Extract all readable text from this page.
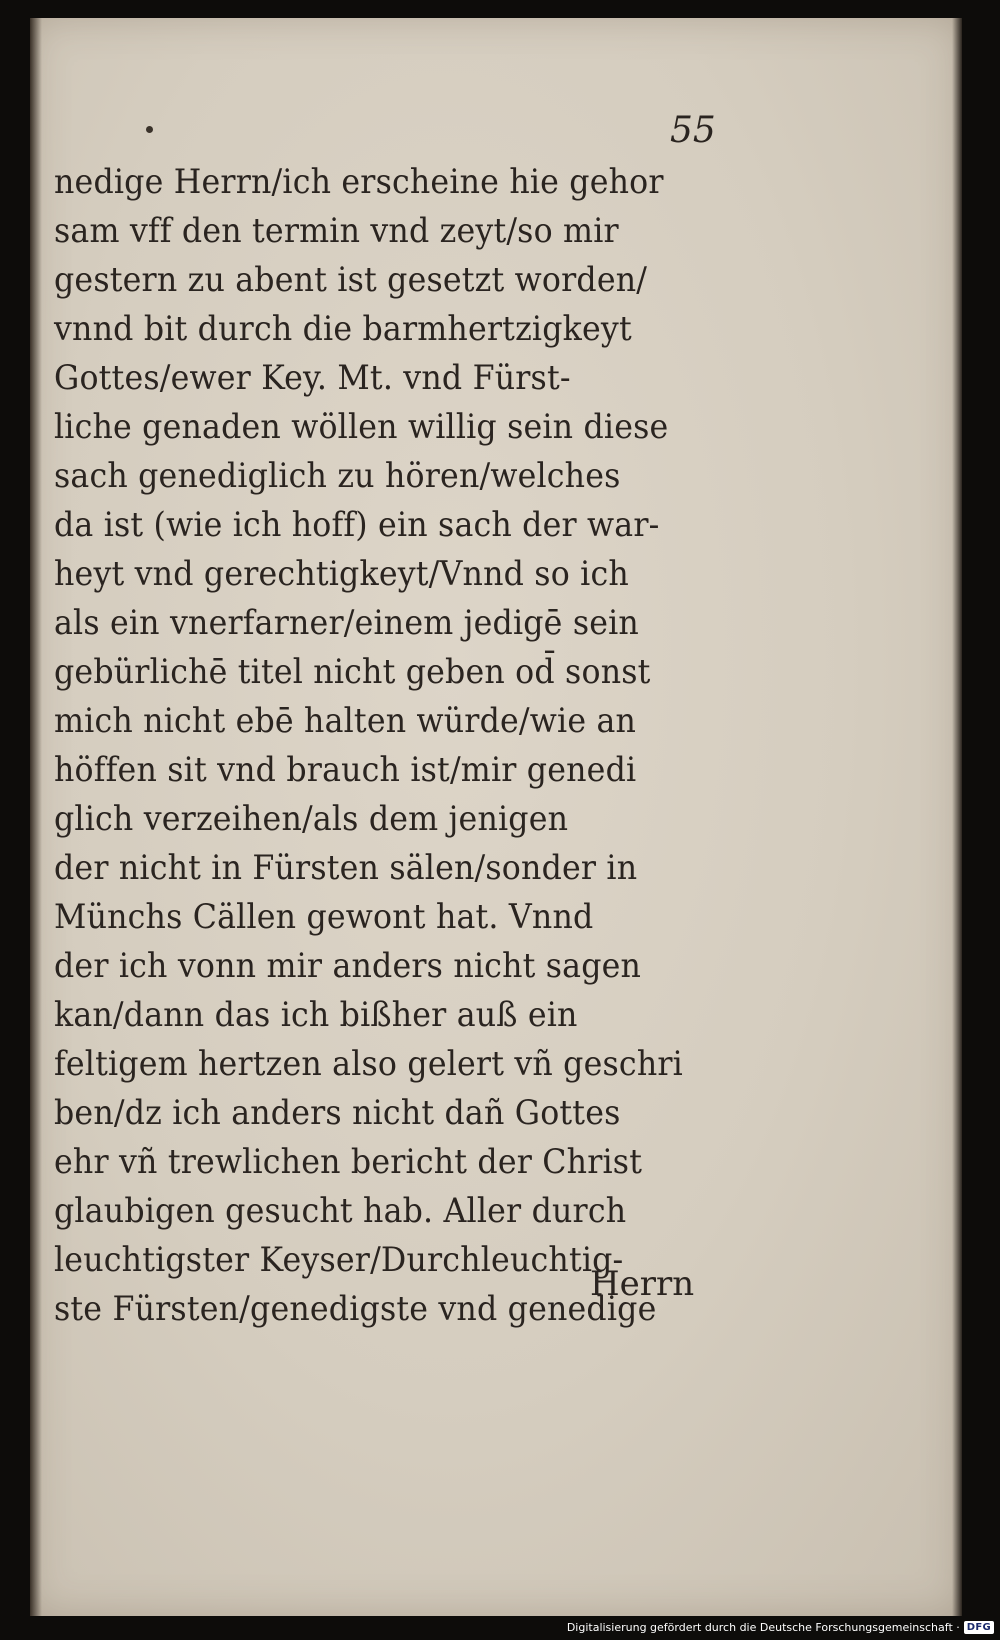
55
nedige Herrn/ich erscheine hie gehor
sam vff den termin vnd zeyt/so mir
gestern zu abent ist gesetzt worden/
vnnd bit durch die barmhertzigkeyt
Gottes/ewer Key. Mt. vnd Fürst-
liche genaden wöllen willig sein diese
sach genediglich zu hören/welches
da ist (wie ich hoff) ein sach der war-
heyt vnd gerechtigkeyt/Vnnd so ich
als ein vnerfarner/einem jedigē sein
gebürlichē titel nicht geben od̄ sonst
mich nicht ebē halten würde/wie an
höffen sit vnd brauch ist/mir genedi
glich verzeihen/als dem jenigen
der nicht in Fürsten sälen/sonder in
Münchs Cällen gewont hat. Vnnd
der ich vonn mir anders nicht sagen
kan/dann das ich bißher auß ein
feltigem hertzen also gelert vñ geschri
ben/dz ich anders nicht dañ Gottes
ehr vñ trewlichen bericht der Christ
glaubigen gesucht hab. Aller durch
leuchtigster Keyser/Durchleuchtig-
ste Fürsten/genedigste vnd genedige
Herrn
Digitalisierung gefördert durch die Deutsche Forschungsgemeinschaft · DFG
